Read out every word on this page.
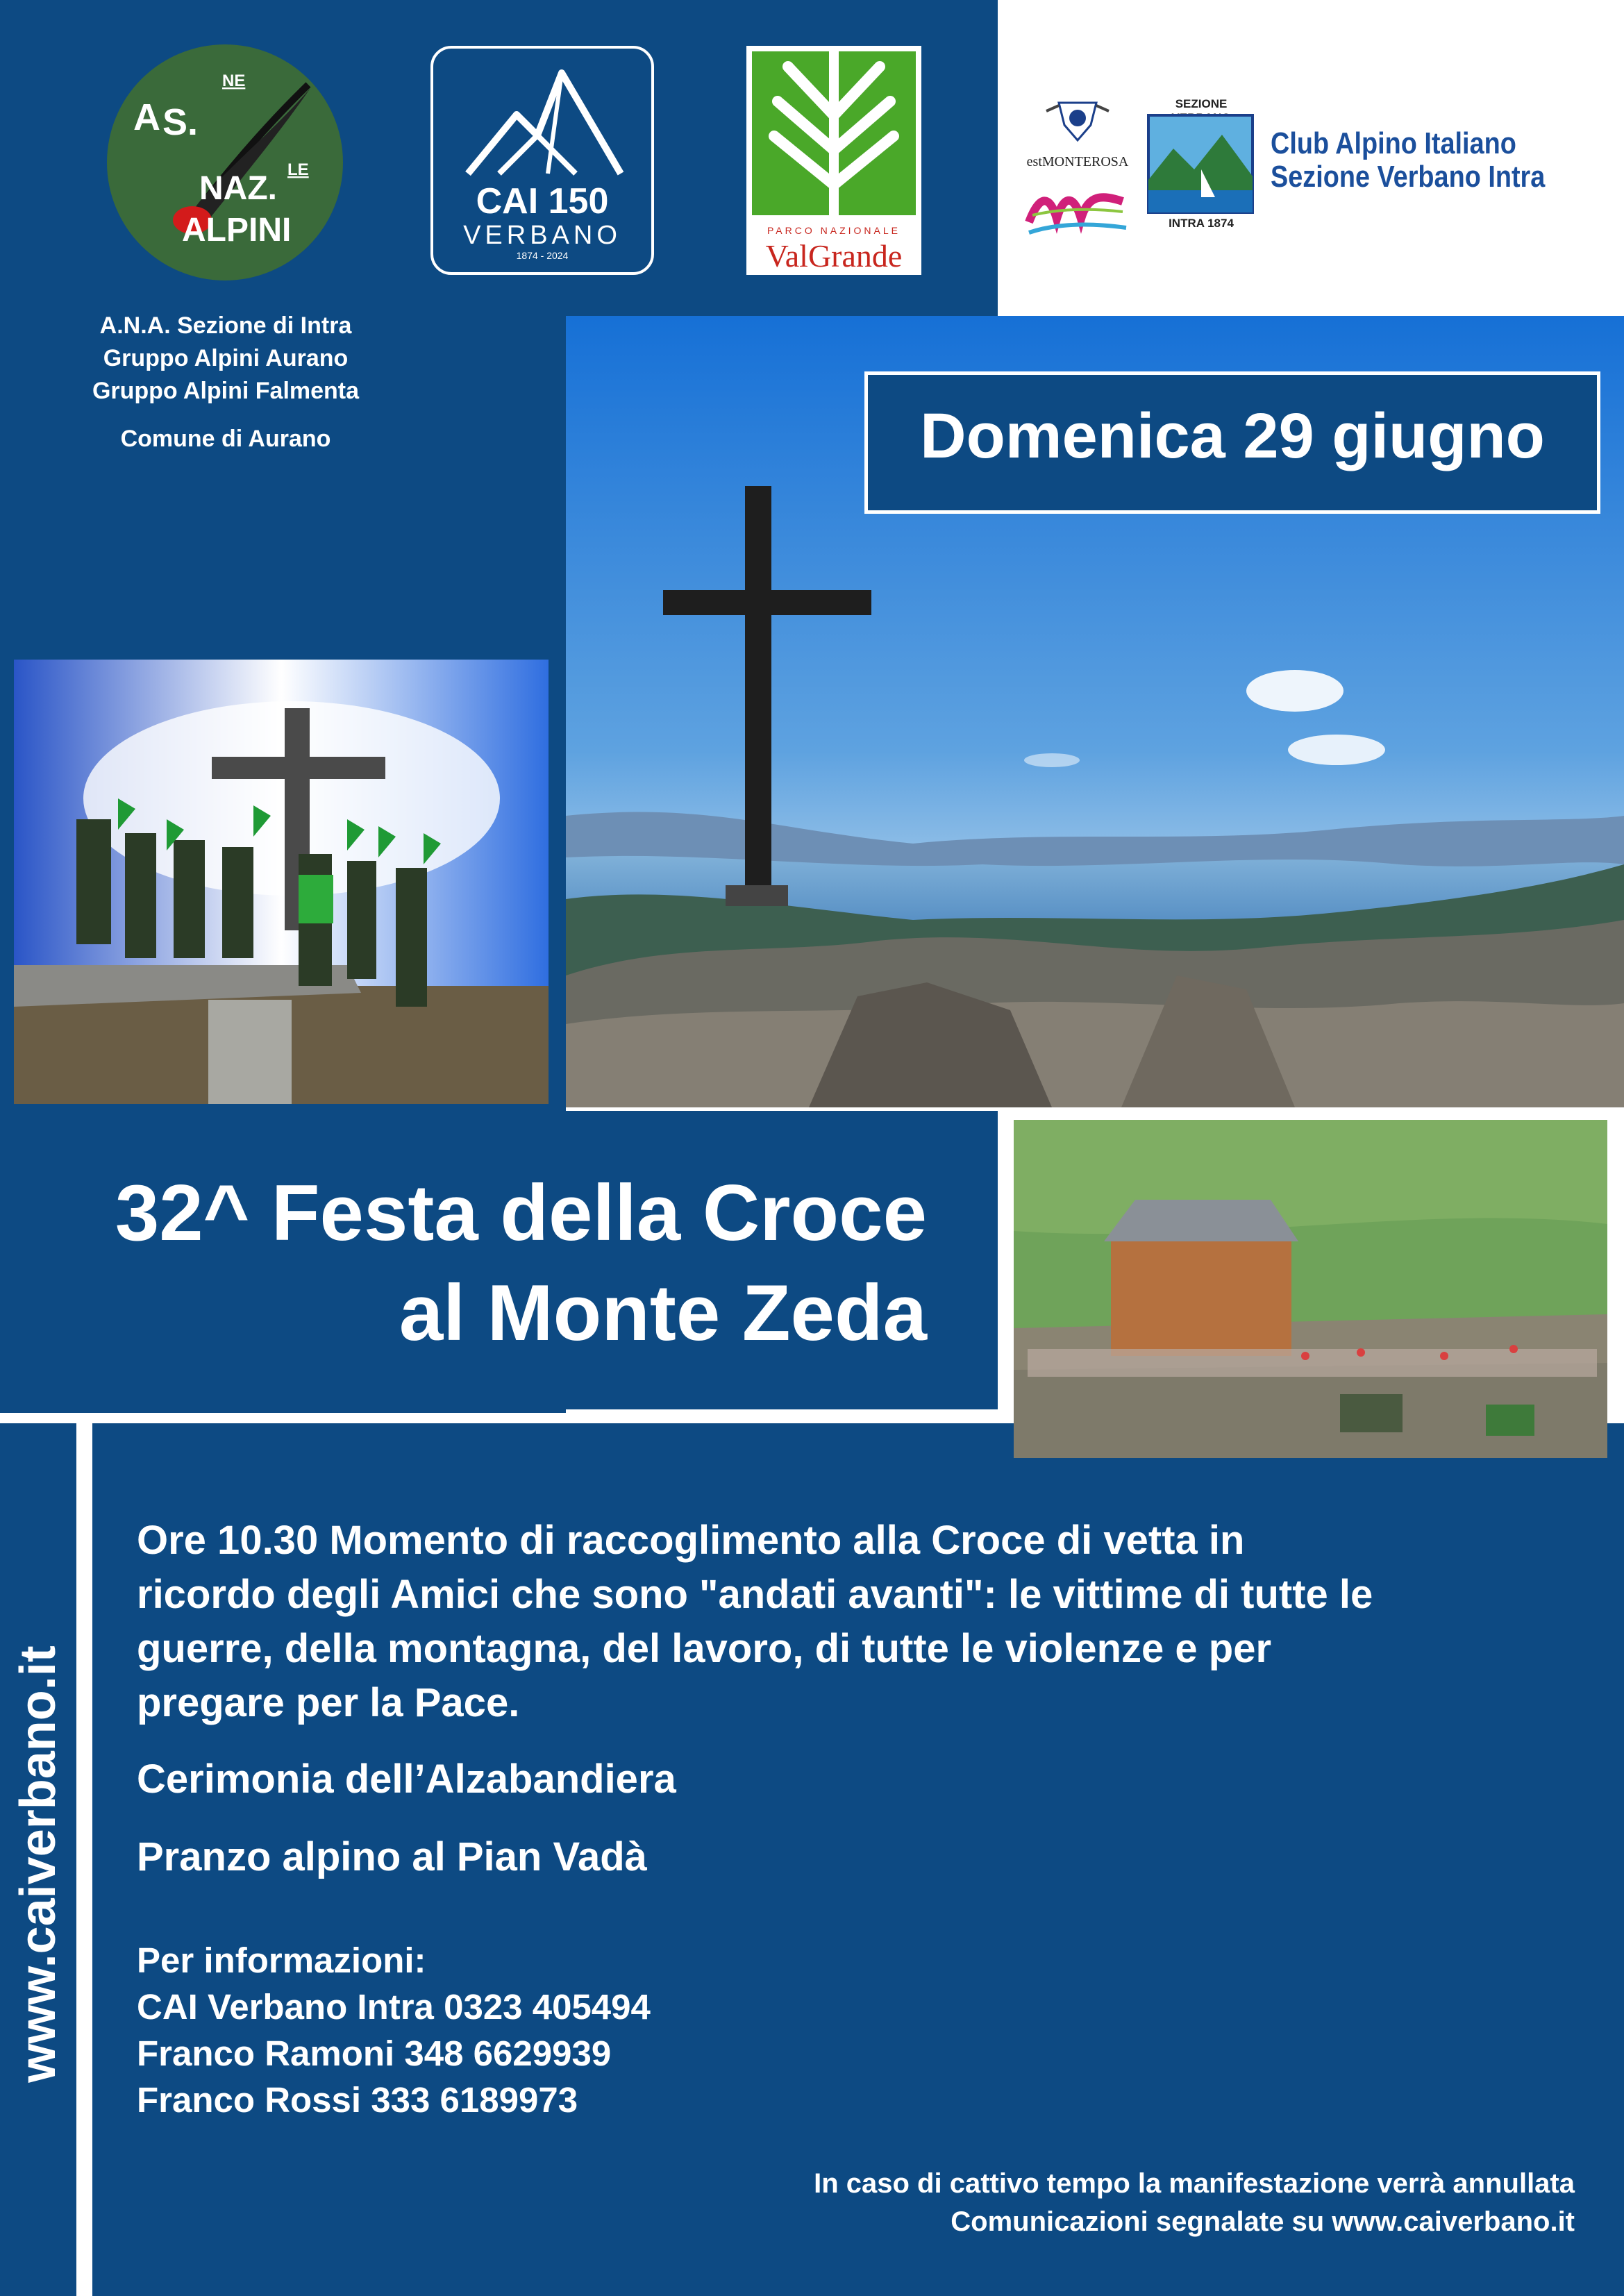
A S.
NE
NAZ.
LE
ALPINI
CAI 150
VERBANO
1874 - 2024
PARCO NAZIONALE
ValGrande
estMONTEROSA
SEZIONE
INTRA 1874
Club Alpino Italiano
Sezione Verbano Intra
A.N.A. Sezione di Intra
Gruppo Alpini Aurano
Gruppo Alpini Falmenta
Comune di Aurano	Domenica 29 giugno
32^ Festa della Croce
al Monte Zeda
www.caiverbano.it
Ore 10.30 Momento di raccoglimento alla Croce di vetta in
ricordo degli Amici che sono "andati avanti": le vittime di tutte le
guerre, della montagna, del lavoro, di tutte le violenze e per
pregare per la Pace.
Cerimonia dell’Alzabandiera
Pranzo alpino al Pian Vadà
Per informazioni:
CAI Verbano Intra 0323 405494
Franco Ramoni 348 6629939
Franco Rossi 333 6189973
In caso di cattivo tempo la manifestazione verrà annullata
Comunicazioni segnalate su www.caiverbano.it
